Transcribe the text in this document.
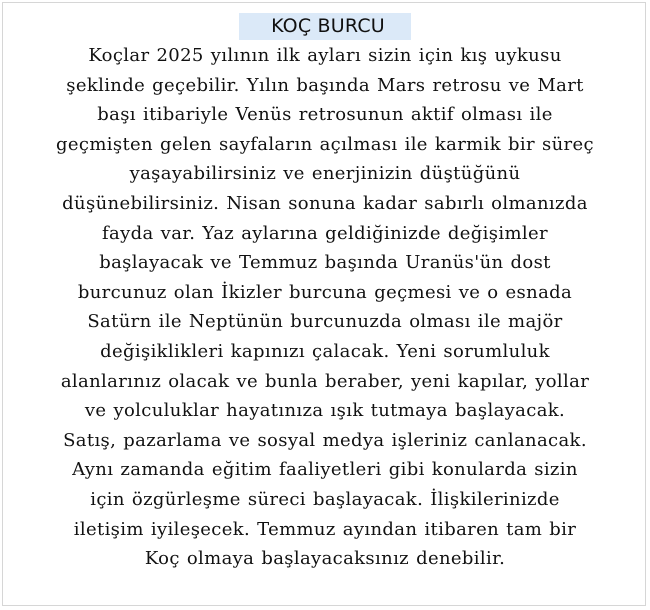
KOÇ BURCU
Koçlar 2025 yılının ilk ayları sizin için kış uykusu
şeklinde geçebilir. Yılın başında Mars retrosu ve Mart
başı itibariyle Venüs retrosunun aktif olması ile
geçmişten gelen sayfaların açılması ile karmik bir süreç
yaşayabilirsiniz ve enerjinizin düştüğünü
düşünebilirsiniz. Nisan sonuna kadar sabırlı olmanızda
fayda var. Yaz aylarına geldiğinizde değişimler
başlayacak ve Temmuz başında Uranüs'ün dost
burcunuz olan İkizler burcuna geçmesi ve o esnada
Satürn ile Neptünün burcunuzda olması ile majör
değişiklikleri kapınızı çalacak. Yeni sorumluluk
alanlarınız olacak ve bunla beraber, yeni kapılar, yollar
ve yolculuklar hayatınıza ışık tutmaya başlayacak.
Satış, pazarlama ve sosyal medya işleriniz canlanacak.
Aynı zamanda eğitim faaliyetleri gibi konularda sizin
için özgürleşme süreci başlayacak. İlişkilerinizde
iletişim iyileşecek. Temmuz ayından itibaren tam bir
Koç olmaya başlayacaksınız denebilir.
